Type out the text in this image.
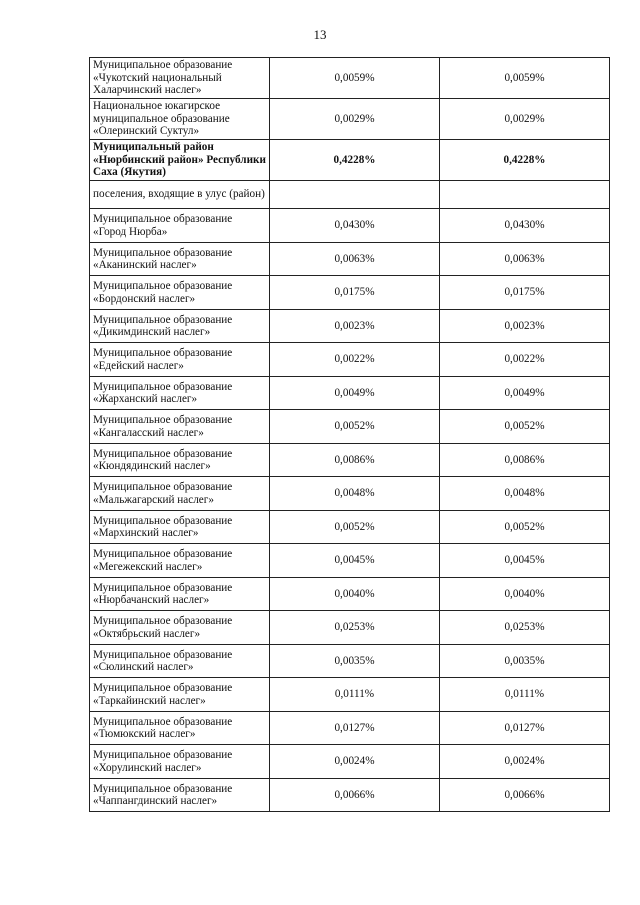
13
Муниципальное образование «Чукотский национальный Халарчинский наслег»	0,0059%	0,0059%
Национальное юкагирское муниципальное образование «Олеринский Суктул»	0,0029%	0,0029%
Муниципальный район «Нюрбинский район» Республики Саха (Якутия)	0,4228%	0,4228%
поселения, входящие в улус (район)		
Муниципальное образование «Город Нюрба»	0,0430%	0,0430%
Муниципальное образование «Аканинский наслег»	0,0063%	0,0063%
Муниципальное образование «Бордонский наслег»	0,0175%	0,0175%
Муниципальное образование «Дикимдинский наслег»	0,0023%	0,0023%
Муниципальное образование «Едейский наслег»	0,0022%	0,0022%
Муниципальное образование «Жарханский наслег»	0,0049%	0,0049%
Муниципальное образование «Кангаласский наслег»	0,0052%	0,0052%
Муниципальное образование «Кюндядинский наслег»	0,0086%	0,0086%
Муниципальное образование «Мальжагарский наслег»	0,0048%	0,0048%
Муниципальное образование «Мархинский наслег»	0,0052%	0,0052%
Муниципальное образование «Мегежекский наслег»	0,0045%	0,0045%
Муниципальное образование «Нюрбачанский наслег»	0,0040%	0,0040%
Муниципальное образование «Октябрьский наслег»	0,0253%	0,0253%
Муниципальное образование «Сюлинский наслег»	0,0035%	0,0035%
Муниципальное образование «Таркайинский наслег»	0,0111%	0,0111%
Муниципальное образование «Тюмюкский наслег»	0,0127%	0,0127%
Муниципальное образование «Хорулинский наслег»	0,0024%	0,0024%
Муниципальное образование «Чаппангдинский наслег»	0,0066%	0,0066%
